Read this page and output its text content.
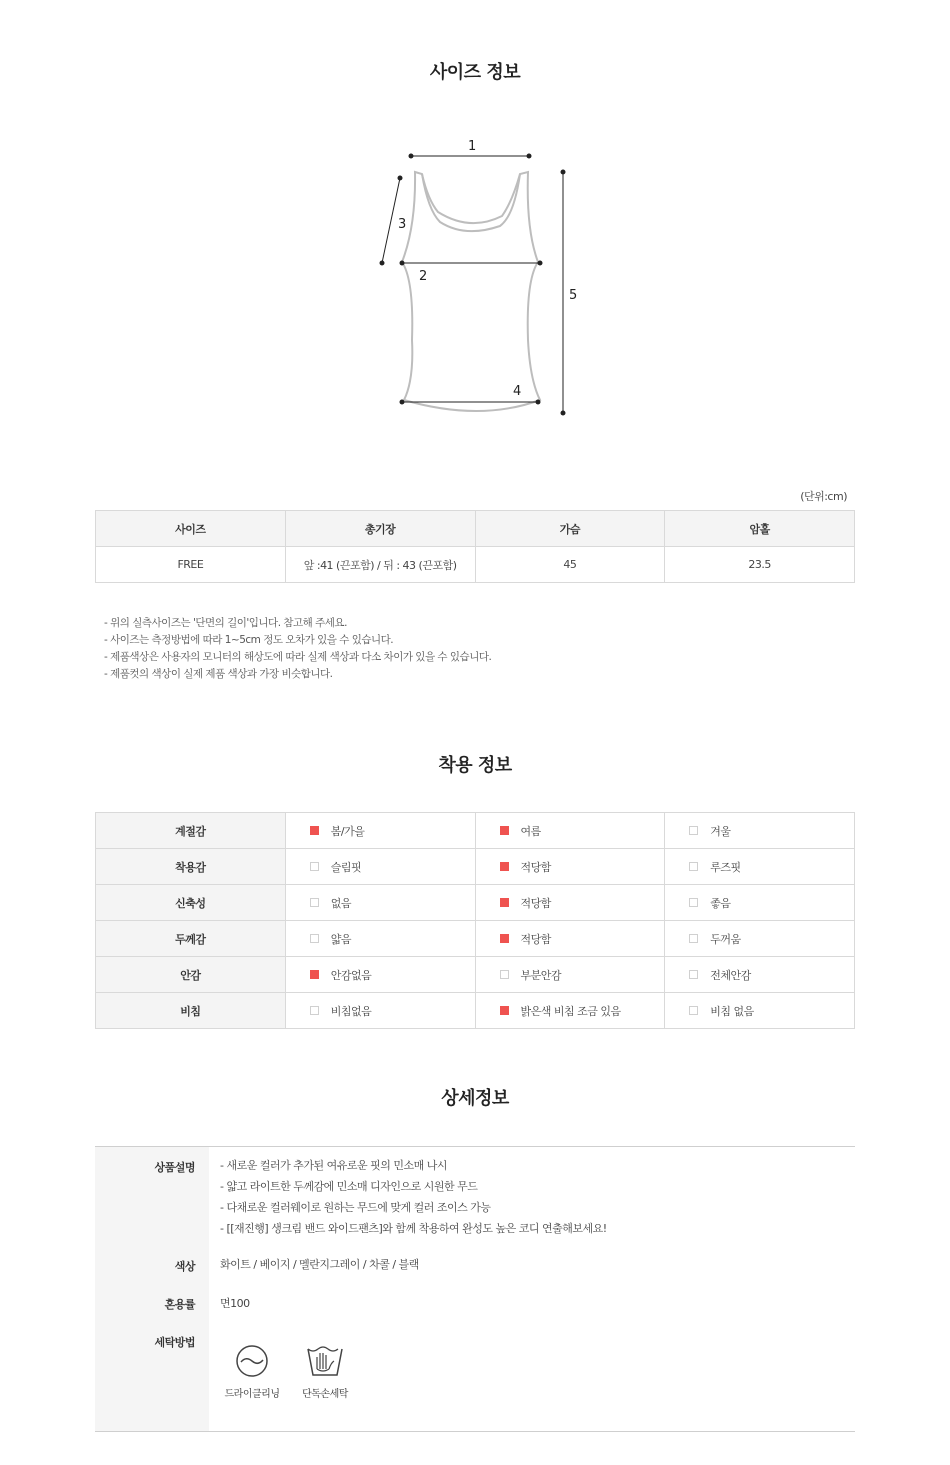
사이즈 정보
1
3
2
4
5
(단위:cm)
사이즈	총기장	가슴	암홀
FREE	앞 :41 (끈포함) / 뒤 : 43 (끈포함)	45	23.5
- 위의 실측사이즈는 '단면의 길이'입니다. 참고해 주세요.
- 사이즈는 측정방법에 따라 1~5cm 정도 오차가 있을 수 있습니다.
- 제품색상은 사용자의 모니터의 해상도에 따라 실제 색상과 다소 차이가 있을 수 있습니다.
- 제품컷의 색상이 실제 제품 색상과 가장 비슷합니다.
착용 정보
계절감	봄/가을	여름	겨울
착용감	슬림핏	적당함	루즈핏
신축성	없음	적당함	좋음
두께감	얇음	적당함	두꺼움
안감	안감없음	부분안감	전체안감
비침	비침없음	밝은색 비침 조금 있음	비침 없음
상세정보
상품설명 - 새로운 컬러가 추가된 여유로운 핏의 민소매 나시
- 얇고 라이트한 두께감에 민소매 디자인으로 시원한 무드
- 다채로운 컬러웨이로 원하는 무드에 맞게 컬러 조이스 가능
- [[재진행] 생크림 밴드 와이드팬츠]와 함께 착용하여 완성도 높은 코디 연출해보세요!
색상 화이트 / 베이지 / 멜란지그레이 / 차콜 / 블랙
혼용률 면100
세탁방법
드라이클리닝	단독손세탁
